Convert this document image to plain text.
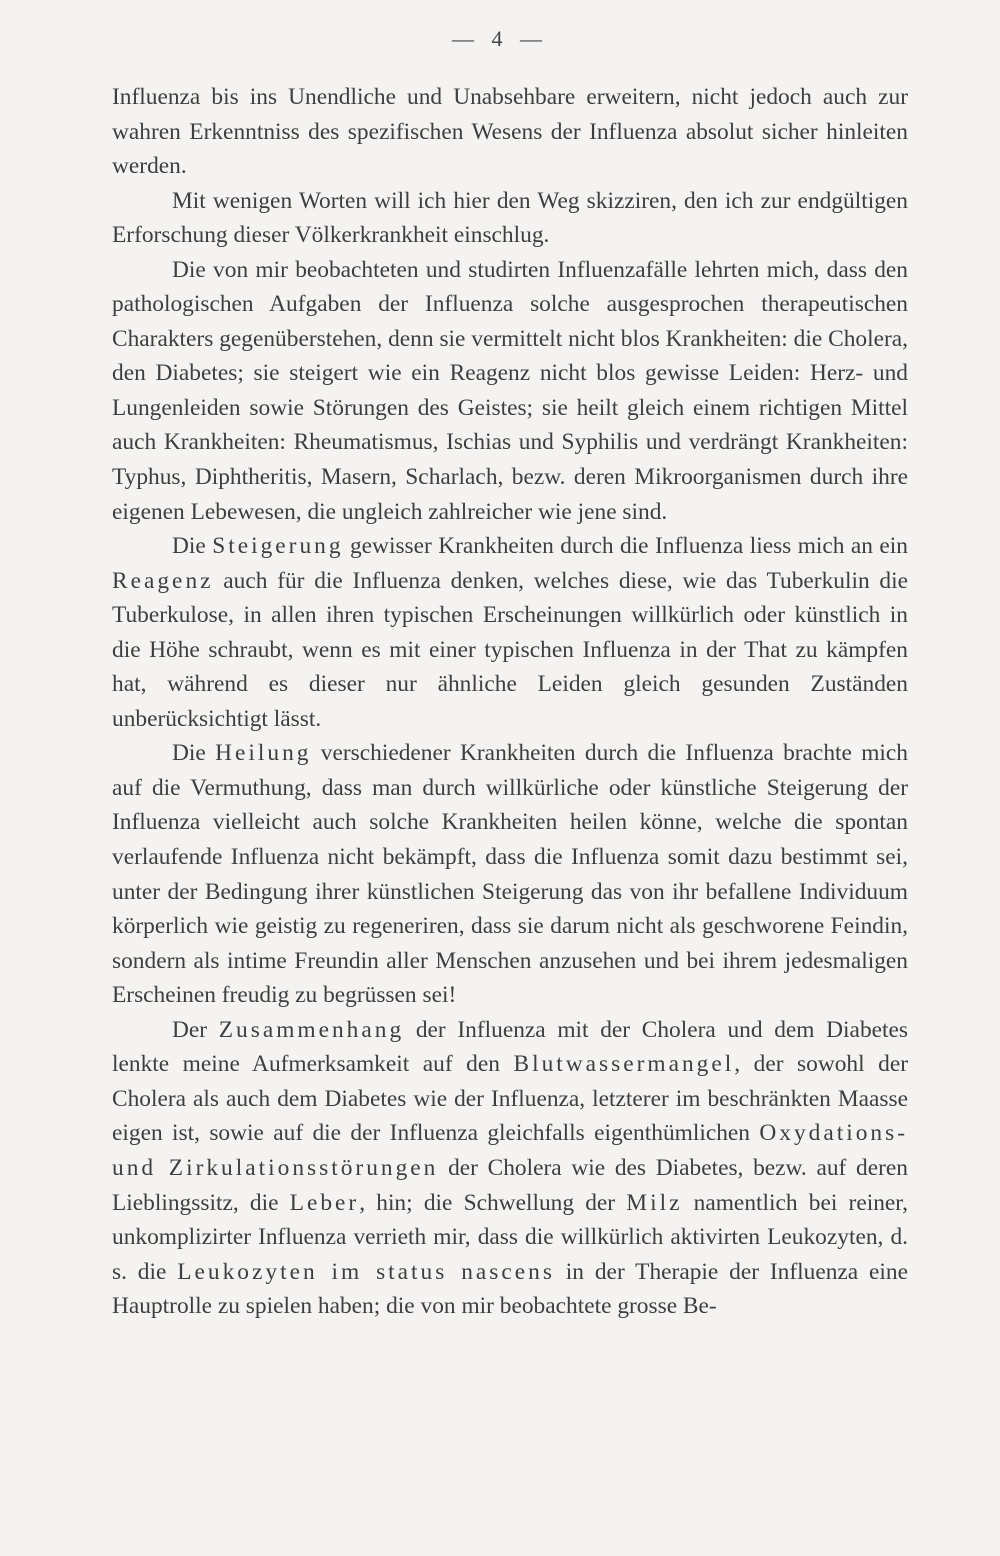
— 4 —

Influenza bis ins Unendliche und Unabsehbare erweitern, nicht jedoch auch zur wahren Erkenntniss des spezifischen Wesens der Influenza absolut sicher hinleiten werden.

Mit wenigen Worten will ich hier den Weg skizziren, den ich zur endgültigen Erforschung dieser Völkerkrankheit einschlug.

Die von mir beobachteten und studirten Influenzafälle lehrten mich, dass den pathologischen Aufgaben der Influenza solche ausgesprochen therapeutischen Charakters gegenüberstehen, denn sie vermittelt nicht blos Krankheiten: die Cholera, den Diabetes; sie steigert wie ein Reagenz nicht blos gewisse Leiden: Herz- und Lungenleiden sowie Störungen des Geistes; sie heilt gleich einem richtigen Mittel auch Krankheiten: Rheumatismus, Ischias und Syphilis und verdrängt Krankheiten: Typhus, Diphtheritis, Masern, Scharlach, bezw. deren Mikroorganismen durch ihre eigenen Lebewesen, die ungleich zahlreicher wie jene sind.

Die Steigerung gewisser Krankheiten durch die Influenza liess mich an ein Reagenz auch für die Influenza denken, welches diese, wie das Tuberkulin die Tuberkulose, in allen ihren typischen Erscheinungen willkürlich oder künstlich in die Höhe schraubt, wenn es mit einer typischen Influenza in der That zu kämpfen hat, während es dieser nur ähnliche Leiden gleich gesunden Zuständen unberücksichtigt lässt.

Die Heilung verschiedener Krankheiten durch die Influenza brachte mich auf die Vermuthung, dass man durch willkürliche oder künstliche Steigerung der Influenza vielleicht auch solche Krankheiten heilen könne, welche die spontan verlaufende Influenza nicht bekämpft, dass die Influenza somit dazu bestimmt sei, unter der Bedingung ihrer künstlichen Steigerung das von ihr befallene Individuum körperlich wie geistig zu regeneriren, dass sie darum nicht als geschworene Feindin, sondern als intime Freundin aller Menschen anzusehen und bei ihrem jedesmaligen Erscheinen freudig zu begrüssen sei!

Der Zusammenhang der Influenza mit der Cholera und dem Diabetes lenkte meine Aufmerksamkeit auf den Blutwassermangel, der sowohl der Cholera als auch dem Diabetes wie der Influenza, letzterer im beschränkten Maasse eigen ist, sowie auf die der Influenza gleichfalls eigenthümlichen Oxydations- und Zirkulationsstörungen der Cholera wie des Diabetes, bezw. auf deren Lieblingssitz, die Leber, hin; die Schwellung der Milz namentlich bei reiner, unkomplizirter Influenza verrieth mir, dass die willkürlich aktivirten Leukozyten, d. s. die Leukozyten im status nascens in der Therapie der Influenza eine Hauptrolle zu spielen haben; die von mir beobachtete grosse Be-
